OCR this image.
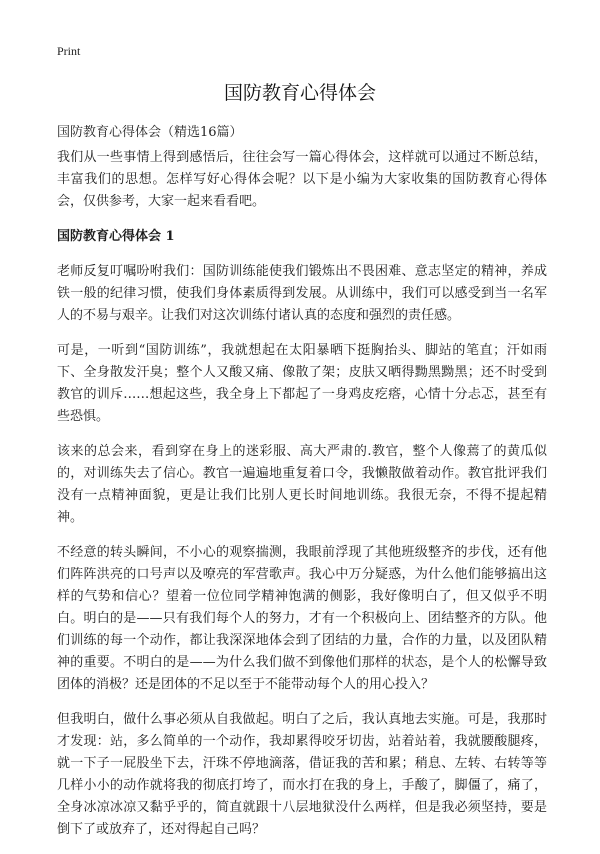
Print
国防教育心得体会

国防教育心得体会（精选16篇）

我们从一些事情上得到感悟后，往往会写一篇心得体会，这样就可以通过不断总结，丰富我们的思想。怎样写好心得体会呢？以下是小编为大家收集的国防教育心得体会，仅供参考，大家一起来看看吧。

国防教育心得体会 1

老师反复叮嘱吩咐我们：国防训练能使我们锻炼出不畏困难、意志坚定的精神，养成铁一般的纪律习惯，使我们身体素质得到发展。从训练中，我们可以感受到当一名军人的不易与艰辛。让我们对这次训练付诸认真的态度和强烈的责任感。

可是，一听到“国防训练”，我就想起在太阳暴晒下挺胸抬头、脚站的笔直；汗如雨下、全身散发汗臭；整个人又酸又痛、像散了架；皮肤又晒得黝黑黝黑；还不时受到教官的训斥……想起这些，我全身上下都起了一身鸡皮疙瘩，心情十分忐忑，甚至有些恐惧。

该来的总会来，看到穿在身上的迷彩服、高大严肃的.教官，整个人像蔫了的黄瓜似的，对训练失去了信心。教官一遍遍地重复着口令，我懒散做着动作。教官批评我们没有一点精神面貌，更是让我们比别人更长时间地训练。我很无奈，不得不提起精神。

不经意的转头瞬间，不小心的观察揣测，我眼前浮现了其他班级整齐的步伐，还有他们阵阵洪亮的口号声以及嘹亮的军营歌声。我心中万分疑惑，为什么他们能够搞出这样的气势和信心？望着一位位同学精神饱满的侧影，我好像明白了，但又似乎不明白。明白的是——只有我们每个人的努力，才有一个积极向上、团结整齐的方队。他们训练的每一个动作，都让我深深地体会到了团结的力量，合作的力量，以及团队精神的重要。不明白的是——为什么我们做不到像他们那样的状态，是个人的松懈导致团体的消极？还是团体的不足以至于不能带动每个人的用心投入？

但我明白，做什么事必须从自我做起。明白了之后，我认真地去实施。可是，我那时才发现：站，多么简单的一个动作，我却累得咬牙切齿，站着站着，我就腰酸腿疼，就一下子一屁股坐下去，汗珠不停地滴落，借证我的苦和累；稍息、左转、右转等等几样小小的动作就将我的彻底打垮了，而水打在我的身上，手酸了，脚僵了，痛了，全身冰凉冰凉又黏乎乎的，简直就跟十八层地狱没什么两样，但是我必须坚持，要是倒下了或放弃了，还对得起自己吗？
